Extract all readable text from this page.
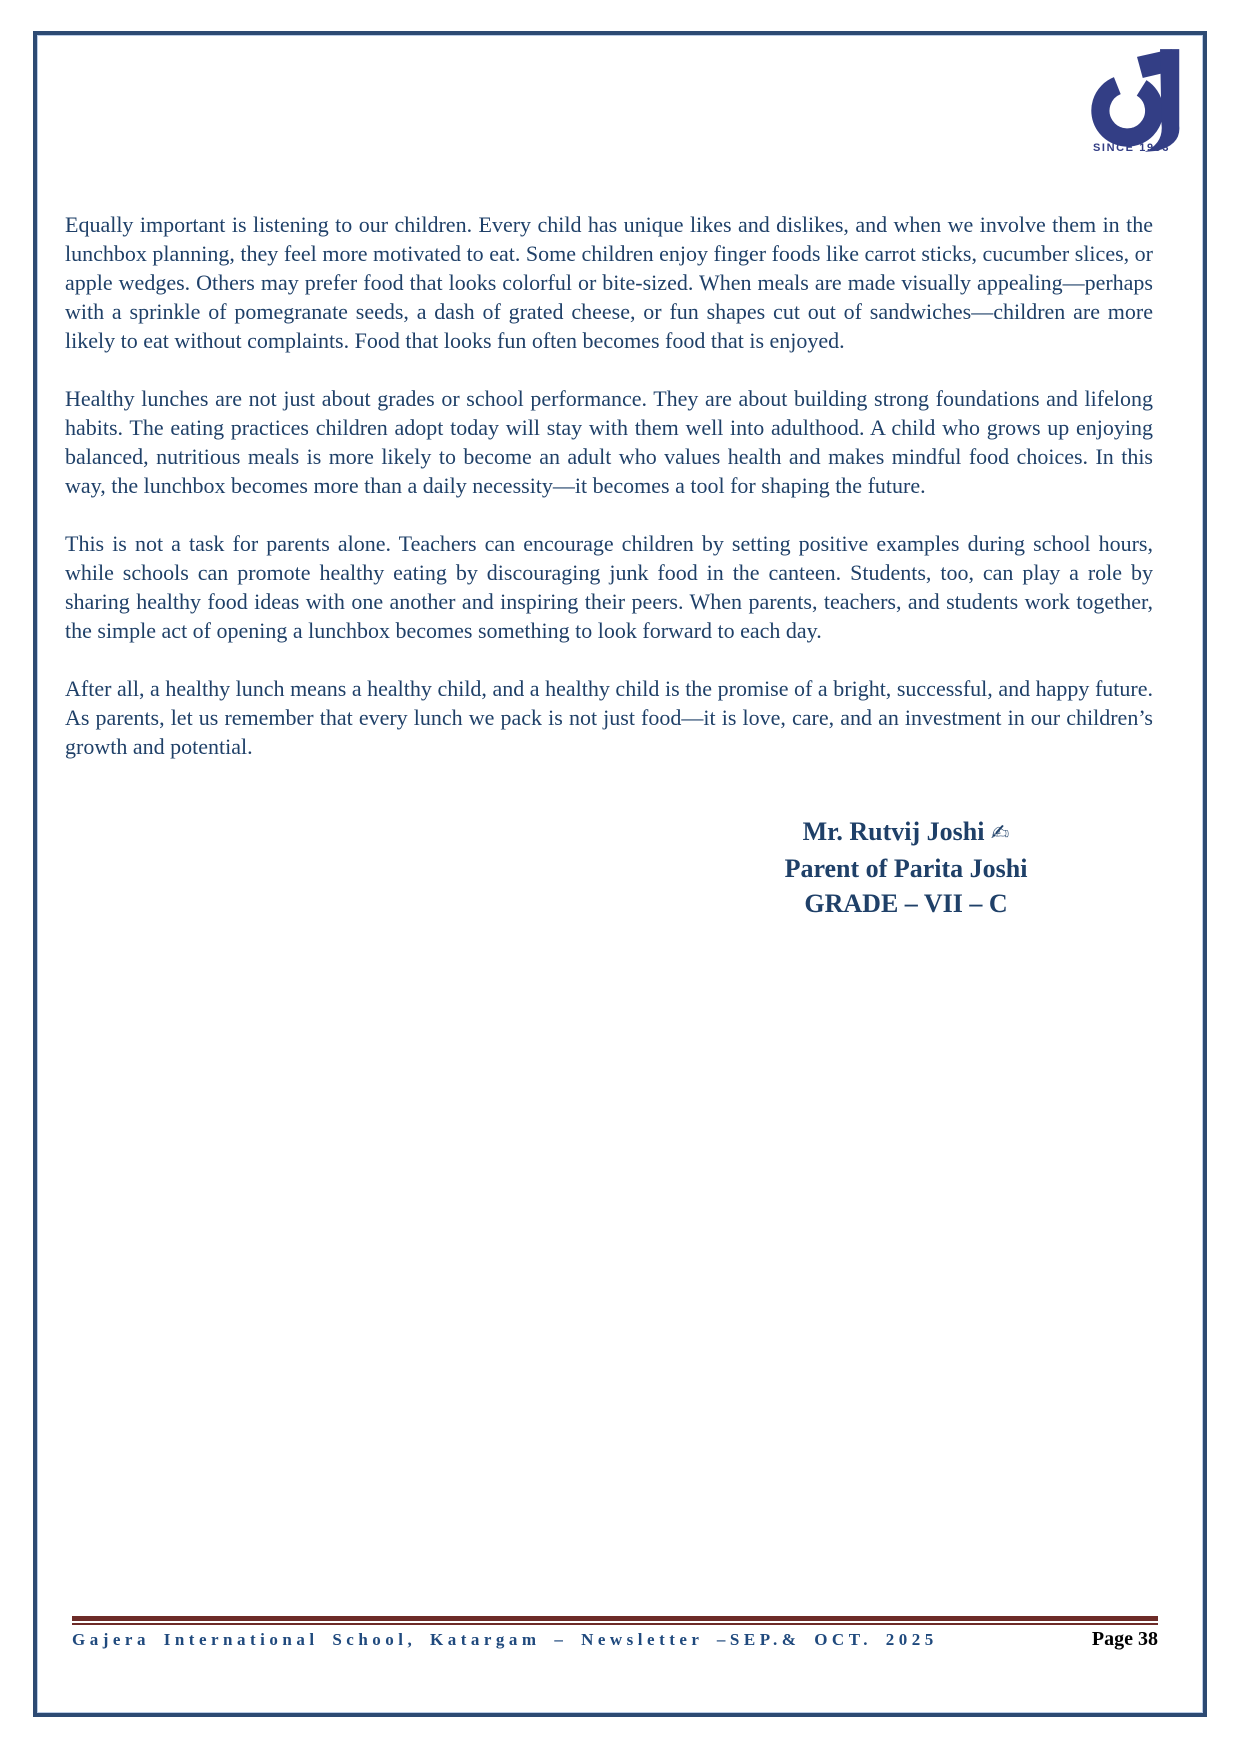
SINCE 1993

Equally important is listening to our children. Every child has unique likes and dislikes, and when we involve them in the lunchbox planning, they feel more motivated to eat. Some children enjoy finger foods like carrot sticks, cucumber slices, or apple wedges. Others may prefer food that looks colorful or bite-sized. When meals are made visually appealing—perhaps with a sprinkle of pomegranate seeds, a dash of grated cheese, or fun shapes cut out of sandwiches—children are more likely to eat without complaints. Food that looks fun often becomes food that is enjoyed.

Healthy lunches are not just about grades or school performance. They are about building strong foundations and lifelong habits. The eating practices children adopt today will stay with them well into adulthood. A child who grows up enjoying balanced, nutritious meals is more likely to become an adult who values health and makes mindful food choices. In this way, the lunchbox becomes more than a daily necessity—it becomes a tool for shaping the future.

This is not a task for parents alone. Teachers can encourage children by setting positive examples during school hours, while schools can promote healthy eating by discouraging junk food in the canteen. Students, too, can play a role by sharing healthy food ideas with one another and inspiring their peers. When parents, teachers, and students work together, the simple act of opening a lunchbox becomes something to look forward to each day.

After all, a healthy lunch means a healthy child, and a healthy child is the promise of a bright, successful, and happy future. As parents, let us remember that every lunch we pack is not just food—it is love, care, and an investment in our children’s growth and potential.

Mr. Rutvij Joshi ✍
Parent of Parita Joshi
GRADE – VII – C
Gajera International School, Katargam – Newsletter –SEP.& OCT. 2025	Page 38
